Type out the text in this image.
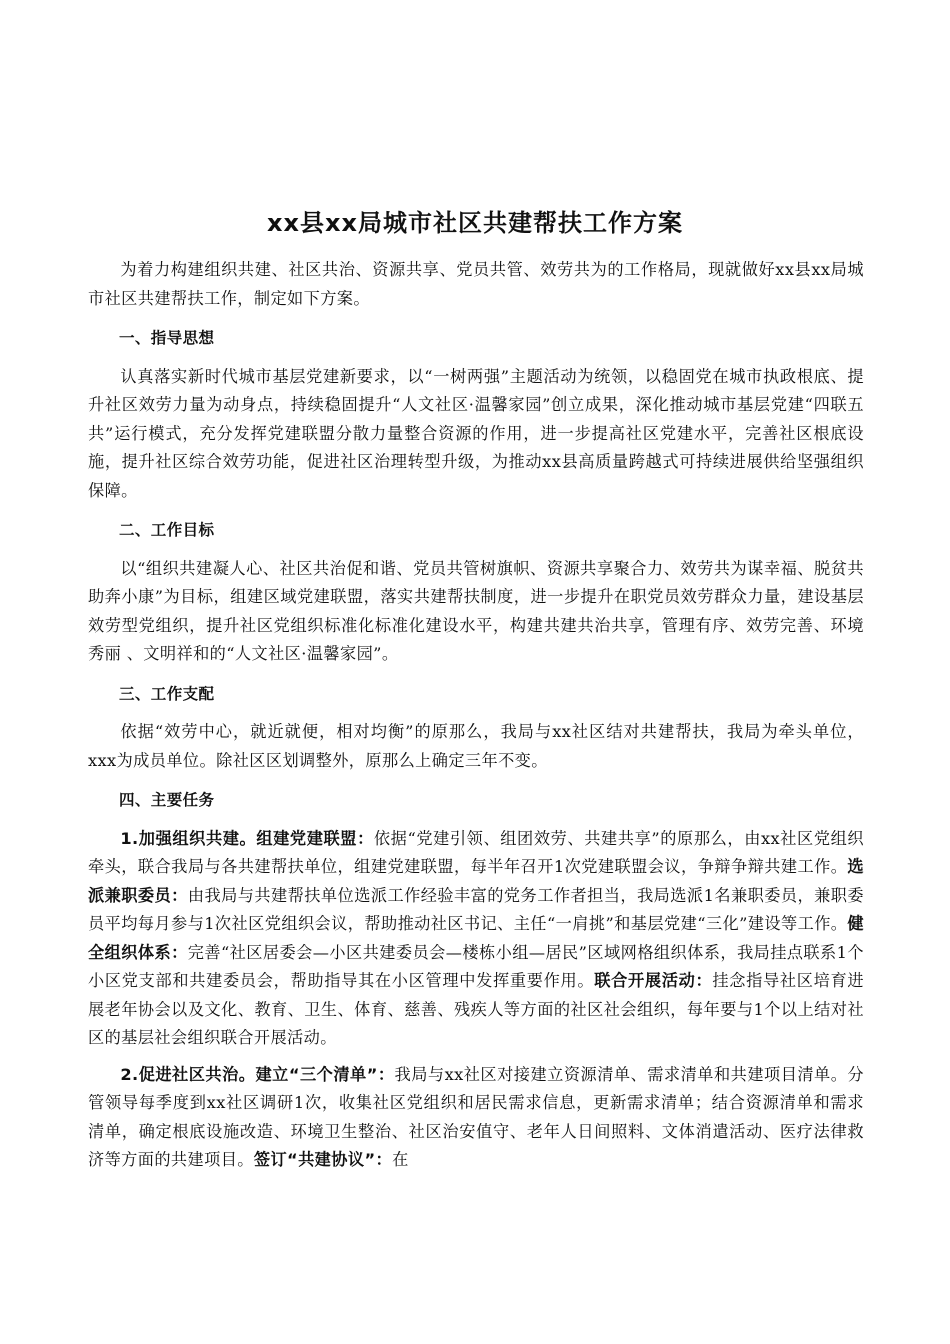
xx县xx局城市社区共建帮扶工作方案

为着力构建组织共建、社区共治、资源共享、党员共管、效劳共为的工作格局，现就做好xx县xx局城市社区共建帮扶工作，制定如下方案。

一、指导思想

认真落实新时代城市基层党建新要求，以“一树两强”主题活动为统领，以稳固党在城市执政根底、提升社区效劳力量为动身点，持续稳固提升“人文社区·温馨家园”创立成果，深化推动城市基层党建“四联五共”运行模式，充分发挥党建联盟分散力量整合资源的作用，进一步提高社区党建水平，完善社区根底设施，提升社区综合效劳功能，促进社区治理转型升级，为推动xx县高质量跨越式可持续进展供给坚强组织保障。

二、工作目标

以“组织共建凝人心、社区共治促和谐、党员共管树旗帜、资源共享聚合力、效劳共为谋幸福、脱贫共助奔小康”为目标，组建区域党建联盟，落实共建帮扶制度，进一步提升在职党员效劳群众力量，建设基层效劳型党组织，提升社区党组织标准化标准化建设水平，构建共建共治共享，管理有序、效劳完善、环境秀丽 、文明祥和的“人文社区·温馨家园”。

三、工作支配

依据“效劳中心，就近就便，相对均衡”的原那么，我局与xx社区结对共建帮扶，我局为牵头单位，xxx为成员单位。除社区区划调整外，原那么上确定三年不变。

四、主要任务

1.加强组织共建。组建党建联盟：依据“党建引领、组团效劳、共建共享”的原那么，由xx社区党组织牵头，联合我局与各共建帮扶单位，组建党建联盟，每半年召开1次党建联盟会议，争辩争辩共建工作。选派兼职委员：由我局与共建帮扶单位选派工作经验丰富的党务工作者担当，我局选派1名兼职委员，兼职委员平均每月参与1次社区党组织会议，帮助推动社区书记、主任“一肩挑”和基层党建“三化”建设等工作。健全组织体系：完善“社区居委会—小区共建委员会—楼栋小组—居民”区域网格组织体系，我局挂点联系1个小区党支部和共建委员会，帮助指导其在小区管理中发挥重要作用。联合开展活动：挂念指导社区培育进展老年协会以及文化、教育、卫生、体育、慈善、残疾人等方面的社区社会组织，每年要与1个以上结对社区的基层社会组织联合开展活动。

2.促进社区共治。建立“三个清单”：我局与xx社区对接建立资源清单、需求清单和共建项目清单。分管领导每季度到xx社区调研1次，收集社区党组织和居民需求信息，更新需求清单；结合资源清单和需求清单，确定根底设施改造、环境卫生整治、社区治安值守、老年人日间照料、文体消遣活动、医疗法律救济等方面的共建项目。签订“共建协议”：在
